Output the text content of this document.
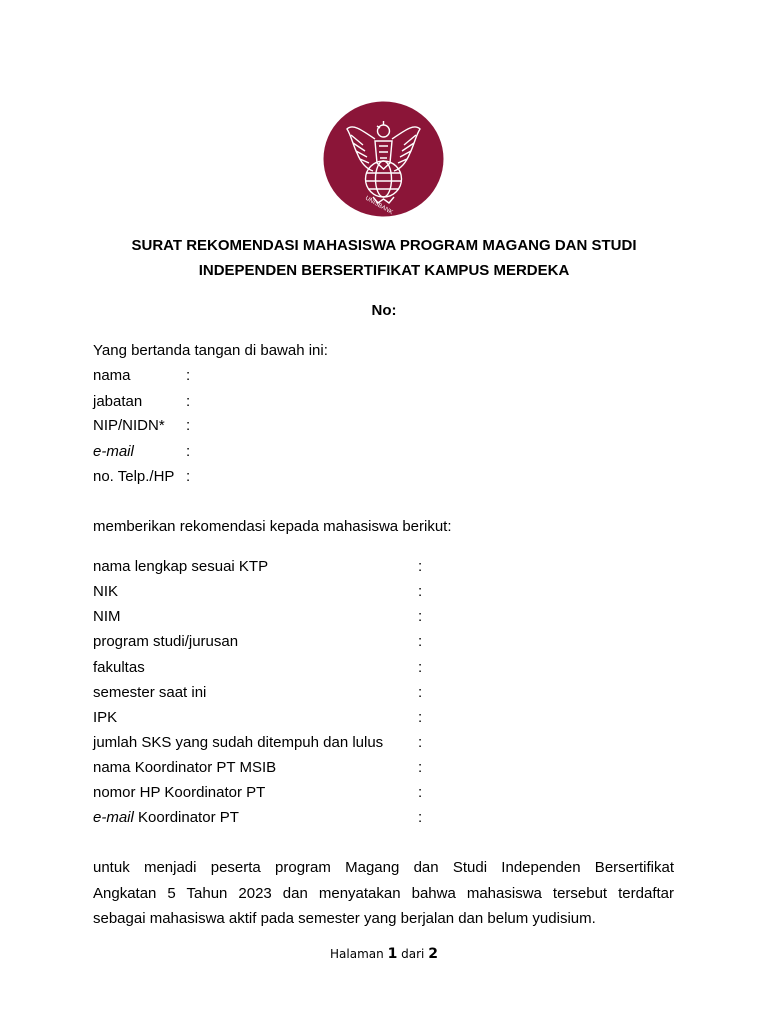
UNISBANK
SURAT REKOMENDASI MAHASISWA PROGRAM MAGANG DAN STUDI
INDEPENDEN BERSERTIFIKAT KAMPUS MERDEKA
No:
Yang bertanda tangan di bawah ini:
nama	:
jabatan	:
NIP/NIDN* :
e-mail	:
no. Telp./HP :
memberikan rekomendasi kepada mahasiswa berikut:
nama lengkap sesuai KTP	:
NIK	:
NIM	:
program studi/jurusan	:
fakultas	:
semester saat ini	:
IPK	:
jumlah SKS yang sudah ditempuh dan lulus :
nama Koordinator PT MSIB	:
nomor HP Koordinator PT	:
e-mail Koordinator PT	:
untuk menjadi peserta program Magang dan Studi Independen Bersertifikat
Angkatan 5 Tahun 2023 dan menyatakan bahwa mahasiswa tersebut terdaftar
sebagai mahasiswa aktif pada semester yang berjalan dan belum yudisium.
Halaman 1 dari 2
